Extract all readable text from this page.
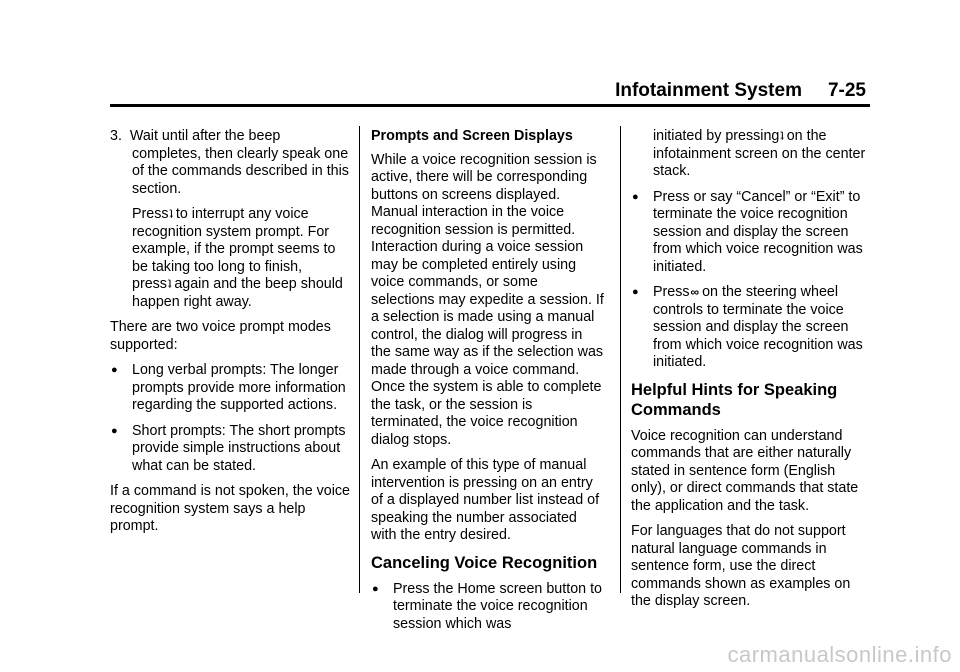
Infotainment System 7-25

3. Wait until after the beep completes, then clearly speak one of the commands described in this section.

Pressʇ to interrupt any voice recognition system prompt. For example, if the prompt seems to be taking too long to finish, pressʇ again and the beep should happen right away.

There are two voice prompt modes supported:

● Long verbal prompts: The longer prompts provide more information regarding the supported actions.
● Short prompts: The short prompts provide simple instructions about what can be stated.

If a command is not spoken, the voice recognition system says a help prompt.

Prompts and Screen Displays

While a voice recognition session is active, there will be corresponding buttons on screens displayed. Manual interaction in the voice recognition session is permitted. Interaction during a voice session may be completed entirely using voice commands, or some selections may expedite a session. If a selection is made using a manual control, the dialog will progress in the same way as if the selection was made through a voice command. Once the system is able to complete the task, or the session is terminated, the voice recognition dialog stops.

An example of this type of manual intervention is pressing on an entry of a displayed number list instead of speaking the number associated with the entry desired.

Canceling Voice Recognition
● Press the Home screen button to terminate the voice recognition session which was

initiated by pressingʇ on the infotainment screen on the center stack.

● Press or say “Cancel” or “Exit” to terminate the voice recognition session and display the screen from which voice recognition was initiated.
● Press∞ on the steering wheel controls to terminate the voice session and display the screen from which voice recognition was initiated.
Helpful Hints for Speaking Commands

Voice recognition can understand commands that are either naturally stated in sentence form (English only), or direct commands that state the application and the task.

For languages that do not support natural language commands in sentence form, use the direct commands shown as examples on the display screen.

carmanualsonline.info
